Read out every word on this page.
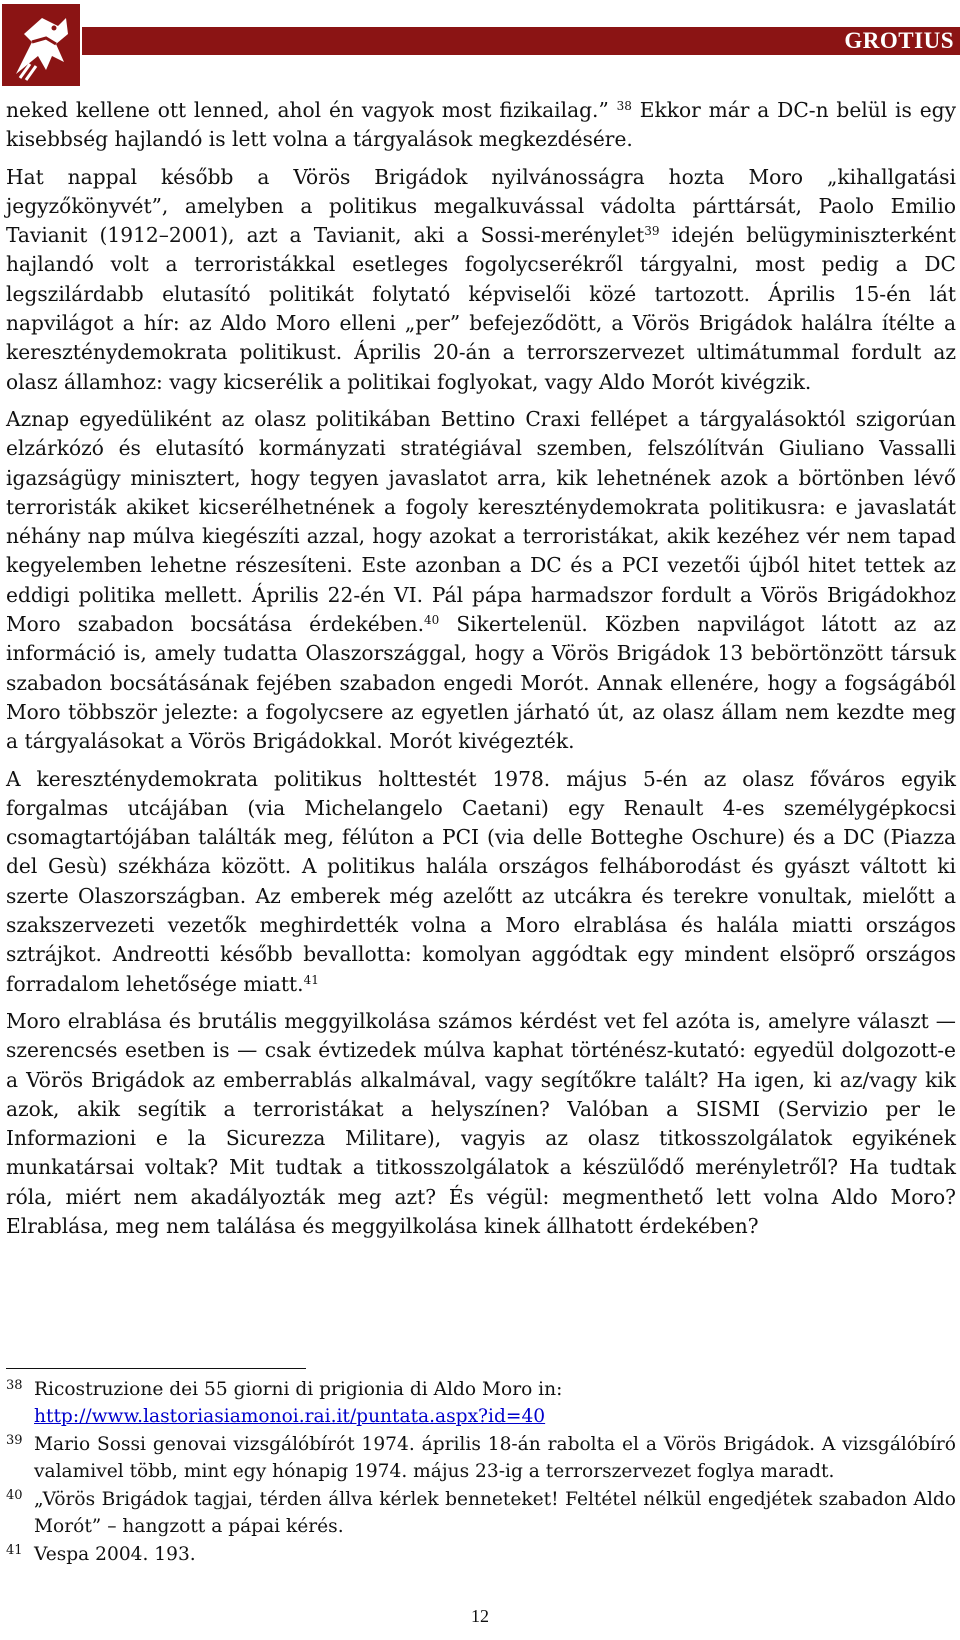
GROTIUS

neked kellene ott lenned, ahol én vagyok most fizikailag.” $^{38}$ Ekkor már a DC-n belül is egy kisebbség hajlandó is lett volna a tárgyalások megkezdésére.

Hat nappal később a Vörös Brigádok nyilvánosságra hozta Moro „kihallgatási jegyzőkönyvét”, amelyben a politikus megalkuvással vádolta párttársát, Paolo Emilio Tavianit (1912–2001), azt a Tavianit, aki a Sossi-merénylet$^{39}$ idején belügyminiszterként hajlandó volt a terroristákkal esetleges fogolycserékről tárgyalni, most pedig a DC legszilárdabb elutasító politikát folytató képviselői közé tartozott. Április 15-én lát napvilágot a hír: az Aldo Moro elleni „per” befejeződött, a Vörös Brigádok halálra ítélte a kereszténydemokrata politikust. Április 20-án a terrorszervezet ultimátummal fordult az olasz államhoz: vagy kicserélik a politikai foglyokat, vagy Aldo Morót kivégzik.

Aznap egyedüliként az olasz politikában Bettino Craxi fellépet a tárgyalásoktól szigorúan elzárkózó és elutasító kormányzati stratégiával szemben, felszólítván Giuliano Vassalli igazságügy minisztert, hogy tegyen javaslatot arra, kik lehetnének azok a börtönben lévő terroristák akiket kicserélhetnének a fogoly kereszténydemokrata politikusra: e javaslatát néhány nap múlva kiegészíti azzal, hogy azokat a terroristákat, akik kezéhez vér nem tapad kegyelemben lehetne részesíteni. Este azonban a DC és a PCI vezetői újból hitet tettek az eddigi politika mellett. Április 22-én VI. Pál pápa harmadszor fordult a Vörös Brigádokhoz Moro szabadon bocsátása érdekében.$^{40}$ Sikertelenül. Közben napvilágot látott az az információ is, amely tudatta Olaszországgal, hogy a Vörös Brigádok 13 bebörtönzött társuk szabadon bocsátásának fejében szabadon engedi Morót. Annak ellenére, hogy a fogságából Moro többször jelezte: a fogolycsere az egyetlen járható út, az olasz állam nem kezdte meg a tárgyalásokat a Vörös Brigádokkal. Morót kivégezték.

A kereszténydemokrata politikus holttestét 1978. május 5-én az olasz főváros egyik forgalmas utcájában (via Michelangelo Caetani) egy Renault 4-es személygépkocsi csomagtartójában találták meg, félúton a PCI (via delle Botteghe Oschure) és a DC (Piazza del Gesù) székháza között. A politikus halála országos felháborodást és gyászt váltott ki szerte Olaszországban. Az emberek még azelőtt az utcákra és terekre vonultak, mielőtt a szakszervezeti vezetők meghirdették volna a Moro elrablása és halála miatti országos sztrájkot. Andreotti később bevallotta: komolyan aggódtak egy mindent elsöprő országos forradalom lehetősége miatt.$^{41}$

Moro elrablása és brutális meggyilkolása számos kérdést vet fel azóta is, amelyre választ — szerencsés esetben is — csak évtizedek múlva kaphat történész-kutató: egyedül dolgozott-e a Vörös Brigádok az emberrablás alkalmával, vagy segítőkre talált? Ha igen, ki az/vagy kik azok, akik segítik a terroristákat a helyszínen? Valóban a SISMI (Servizio per le Informazioni e la Sicurezza Militare), vagyis az olasz titkosszolgálatok egyikének munkatársai voltak? Mit tudtak a titkosszolgálatok a készülődő merényletről? Ha tudtak róla, miért nem akadályozták meg azt? És végül: megmenthető lett volna Aldo Moro? Elrablása, meg nem találása és meggyilkolása kinek állhatott érdekében?

38 Ricostruzione dei 55 giorni di prigionia di Aldo Moro in:
http://www.lastoriasiamonoi.rai.it/puntata.aspx?id=40

39 Mario Sossi genovai vizsgálóbírót 1974. április 18-án rabolta el a Vörös Brigádok. A vizsgálóbíró valamivel több, mint egy hónapig 1974. május 23-ig a terrorszervezet foglya maradt.

40 „Vörös Brigádok tagjai, térden állva kérlek benneteket! Feltétel nélkül engedjétek szabadon Aldo Morót” – hangzott a pápai kérés.

41 Vespa 2004. 193.

12
